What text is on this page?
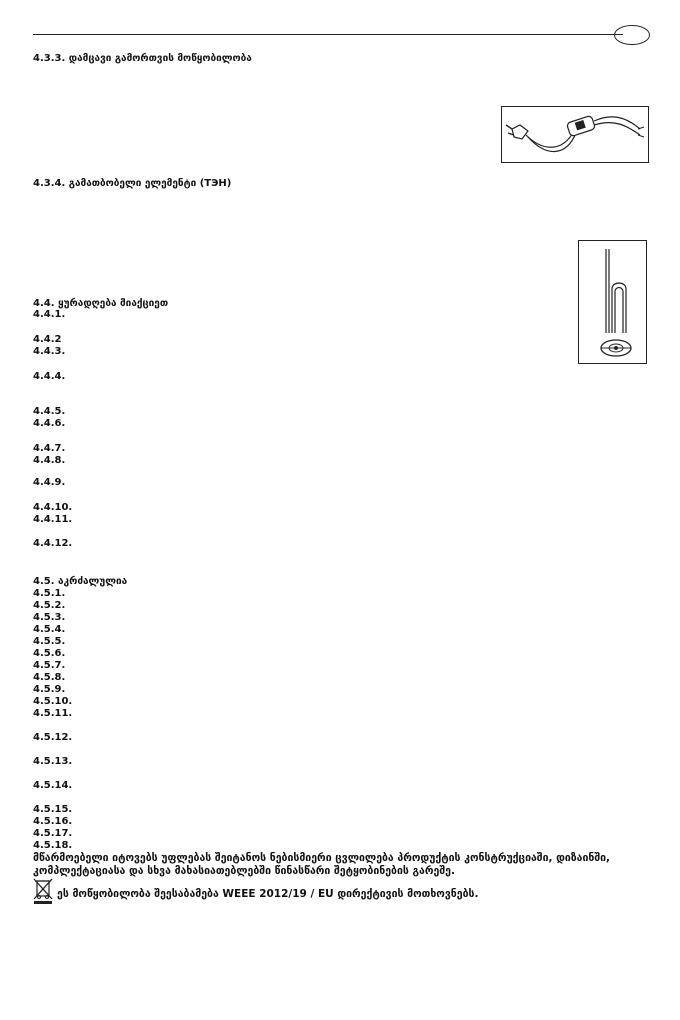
4.3.3. დამცავი გამორთვის მოწყობილობა
4.3.4. გამათბობელი ელემენტი (ТЭН)
4.4. ყურადღება მიაქციეთ
4.4.1.
4.4.2
4.4.3.
4.4.4.
4.4.5.
4.4.6.
4.4.7.
4.4.8.
4.4.9.
4.4.10.
4.4.11.
4.4.12.
4.5. აკრძალულია
4.5.1.
4.5.2.
4.5.3.
4.5.4.
4.5.5.
4.5.6.
4.5.7.
4.5.8.
4.5.9.
4.5.10.
4.5.11.
4.5.12.
4.5.13.
4.5.14.
4.5.15.
4.5.16.
4.5.17.
4.5.18.
მწარმოებელი იტოვებს უფლებას შეიტანოს ნებისმიერი ცვლილება პროდუქტის კონსტრუქციაში, დიზაინში,
კომპლექტაციასა და სხვა მახასიათებლებში წინასწარი შეტყობინების გარეშე.
ეს მოწყობილობა შეესაბამება WEEE 2012/19 / EU დირექტივის მოთხოვნებს.
